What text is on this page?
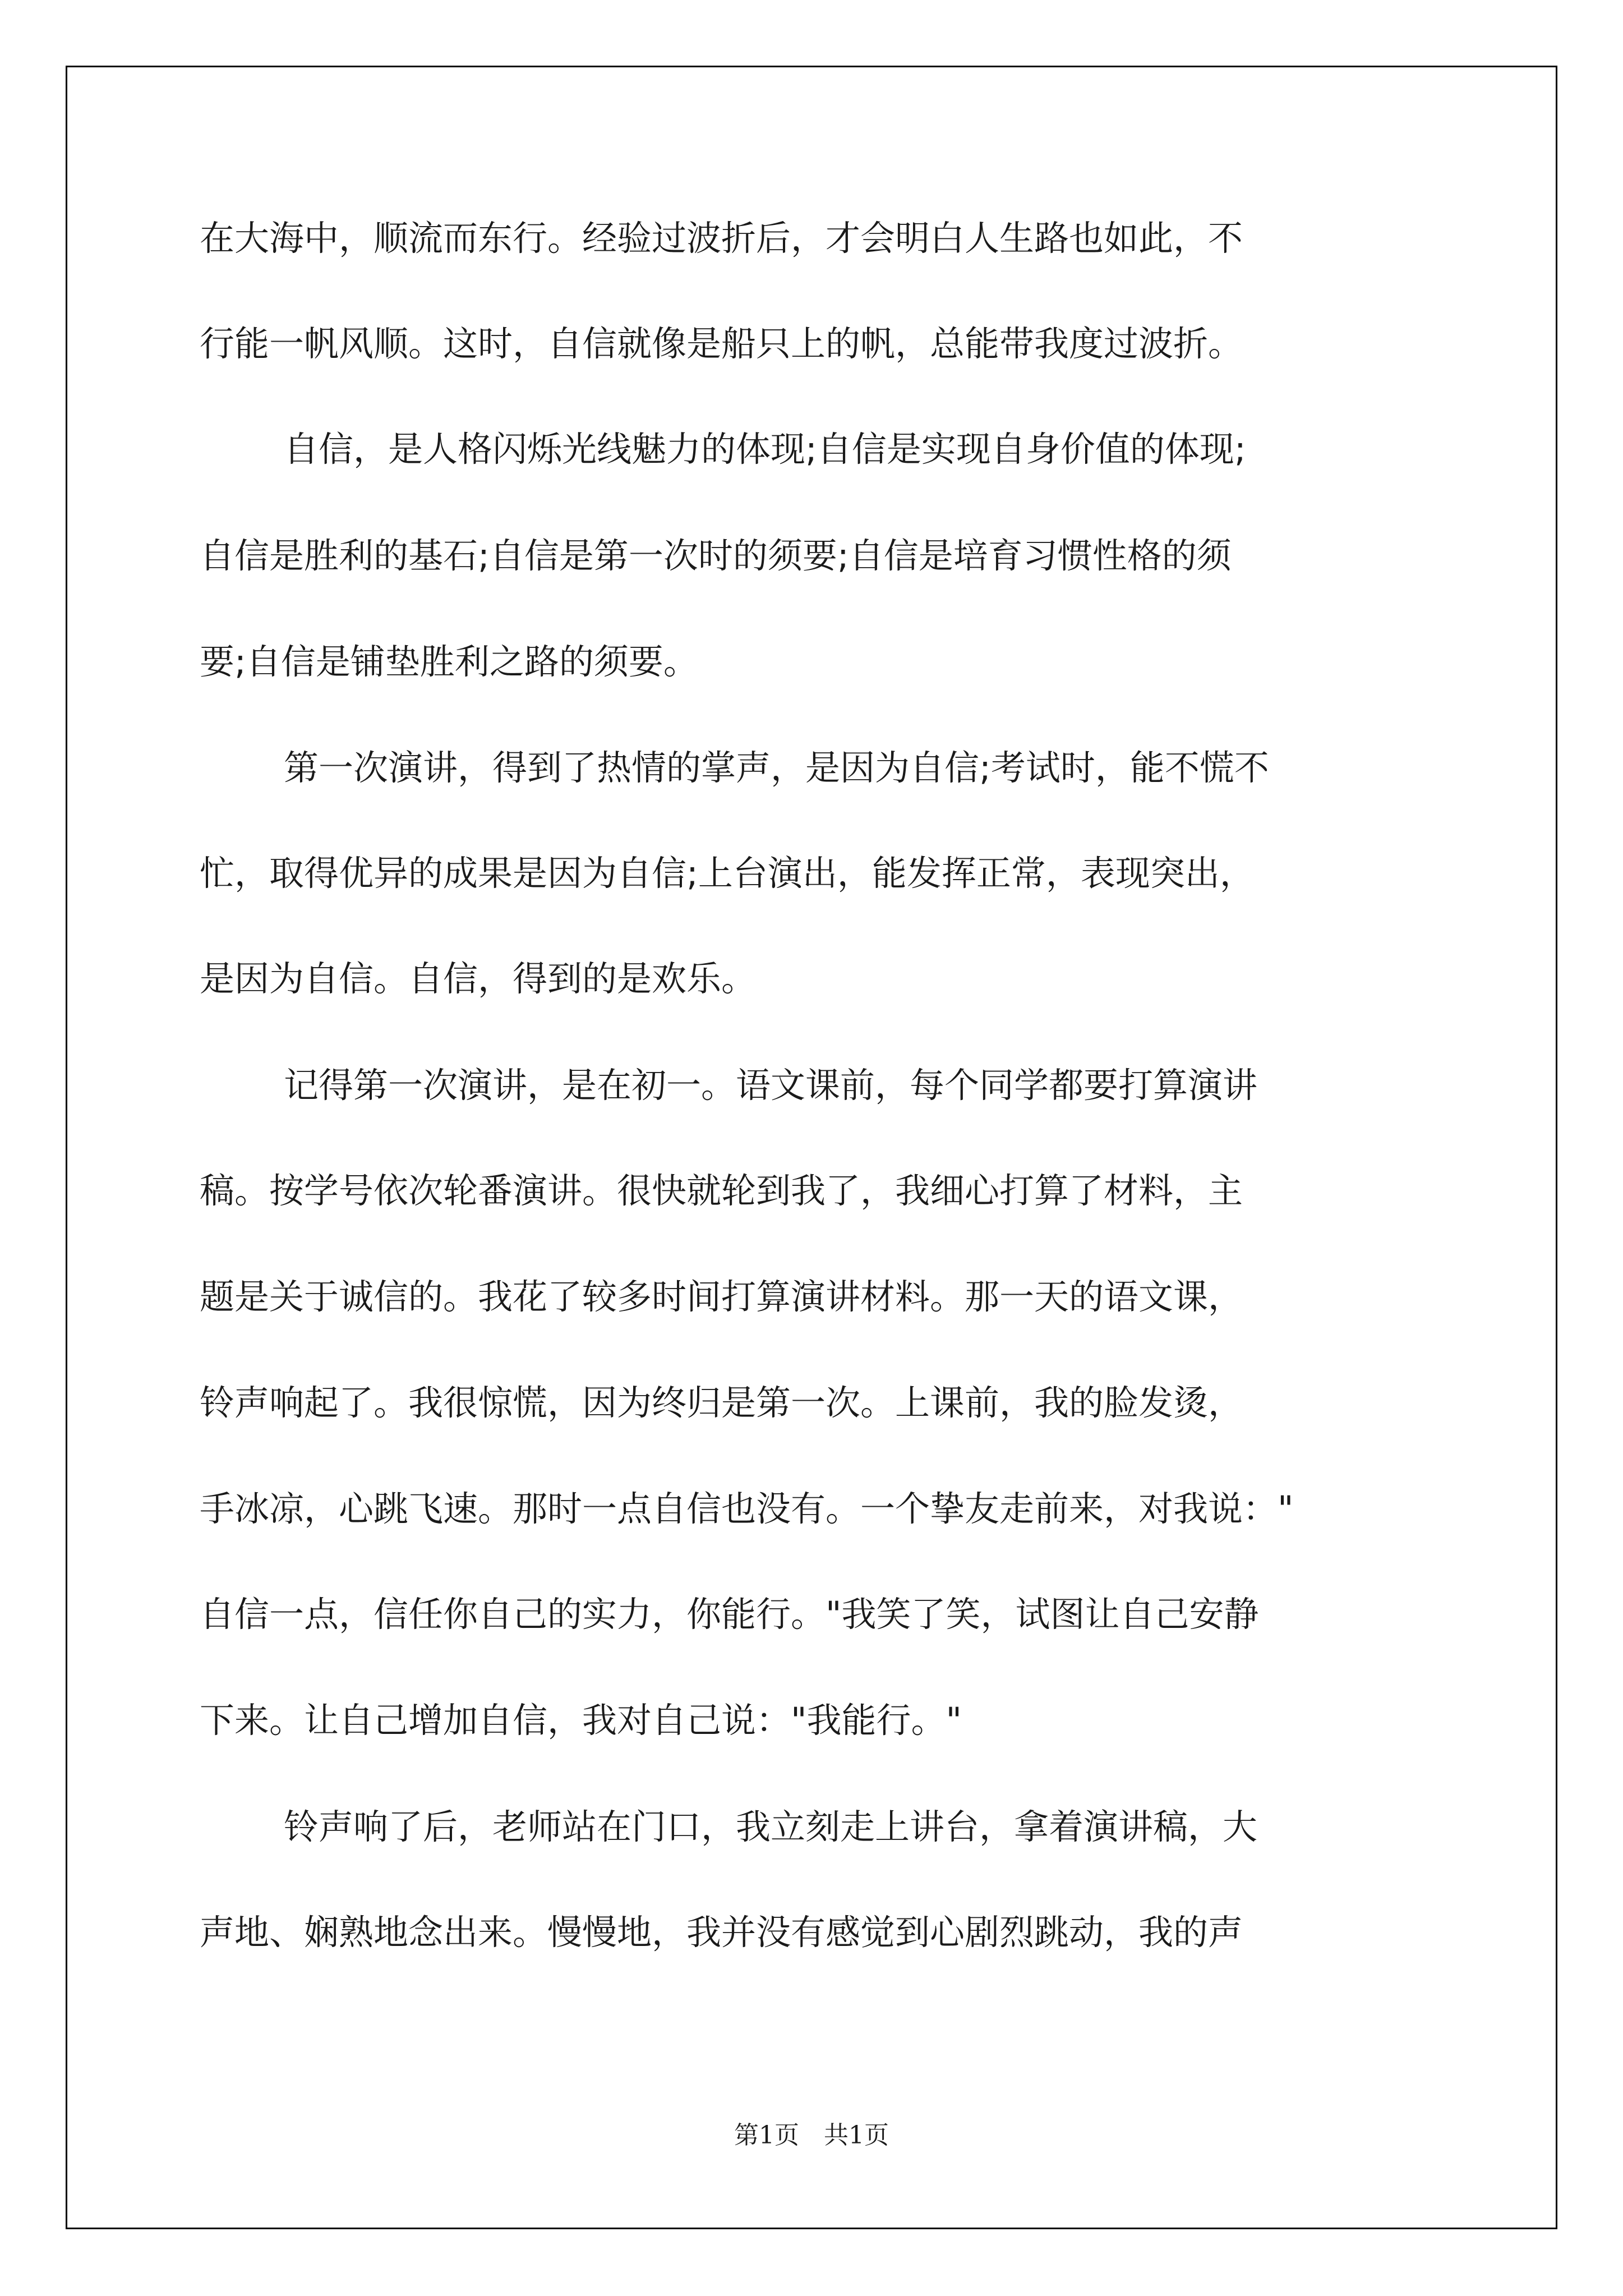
在大海中，顺流而东行。经验过波折后，才会明白人生路也如此，不
行能一帆风顺。这时，自信就像是船只上的帆，总能带我度过波折。
自信，是人格闪烁光线魅力的体现;自信是实现自身价值的体现;
自信是胜利的基石;自信是第一次时的须要;自信是培育习惯性格的须
要;自信是铺垫胜利之路的须要。
第一次演讲，得到了热情的掌声，是因为自信;考试时，能不慌不
忙，取得优异的成果是因为自信;上台演出，能发挥正常，表现突出，
是因为自信。自信，得到的是欢乐。
记得第一次演讲，是在初一。语文课前，每个同学都要打算演讲
稿。按学号依次轮番演讲。很快就轮到我了，我细心打算了材料，主
题是关于诚信的。我花了较多时间打算演讲材料。那一天的语文课，
铃声响起了。我很惊慌，因为终归是第一次。上课前，我的脸发烫，
手冰凉，心跳飞速。那时一点自信也没有。一个挚友走前来，对我说："
自信一点，信任你自己的实力，你能行。"我笑了笑，试图让自己安静
下来。让自己增加自信，我对自己说："我能行。"
铃声响了后，老师站在门口，我立刻走上讲台，拿着演讲稿，大
声地、娴熟地念出来。慢慢地，我并没有感觉到心剧烈跳动，我的声
第1页　共1页
